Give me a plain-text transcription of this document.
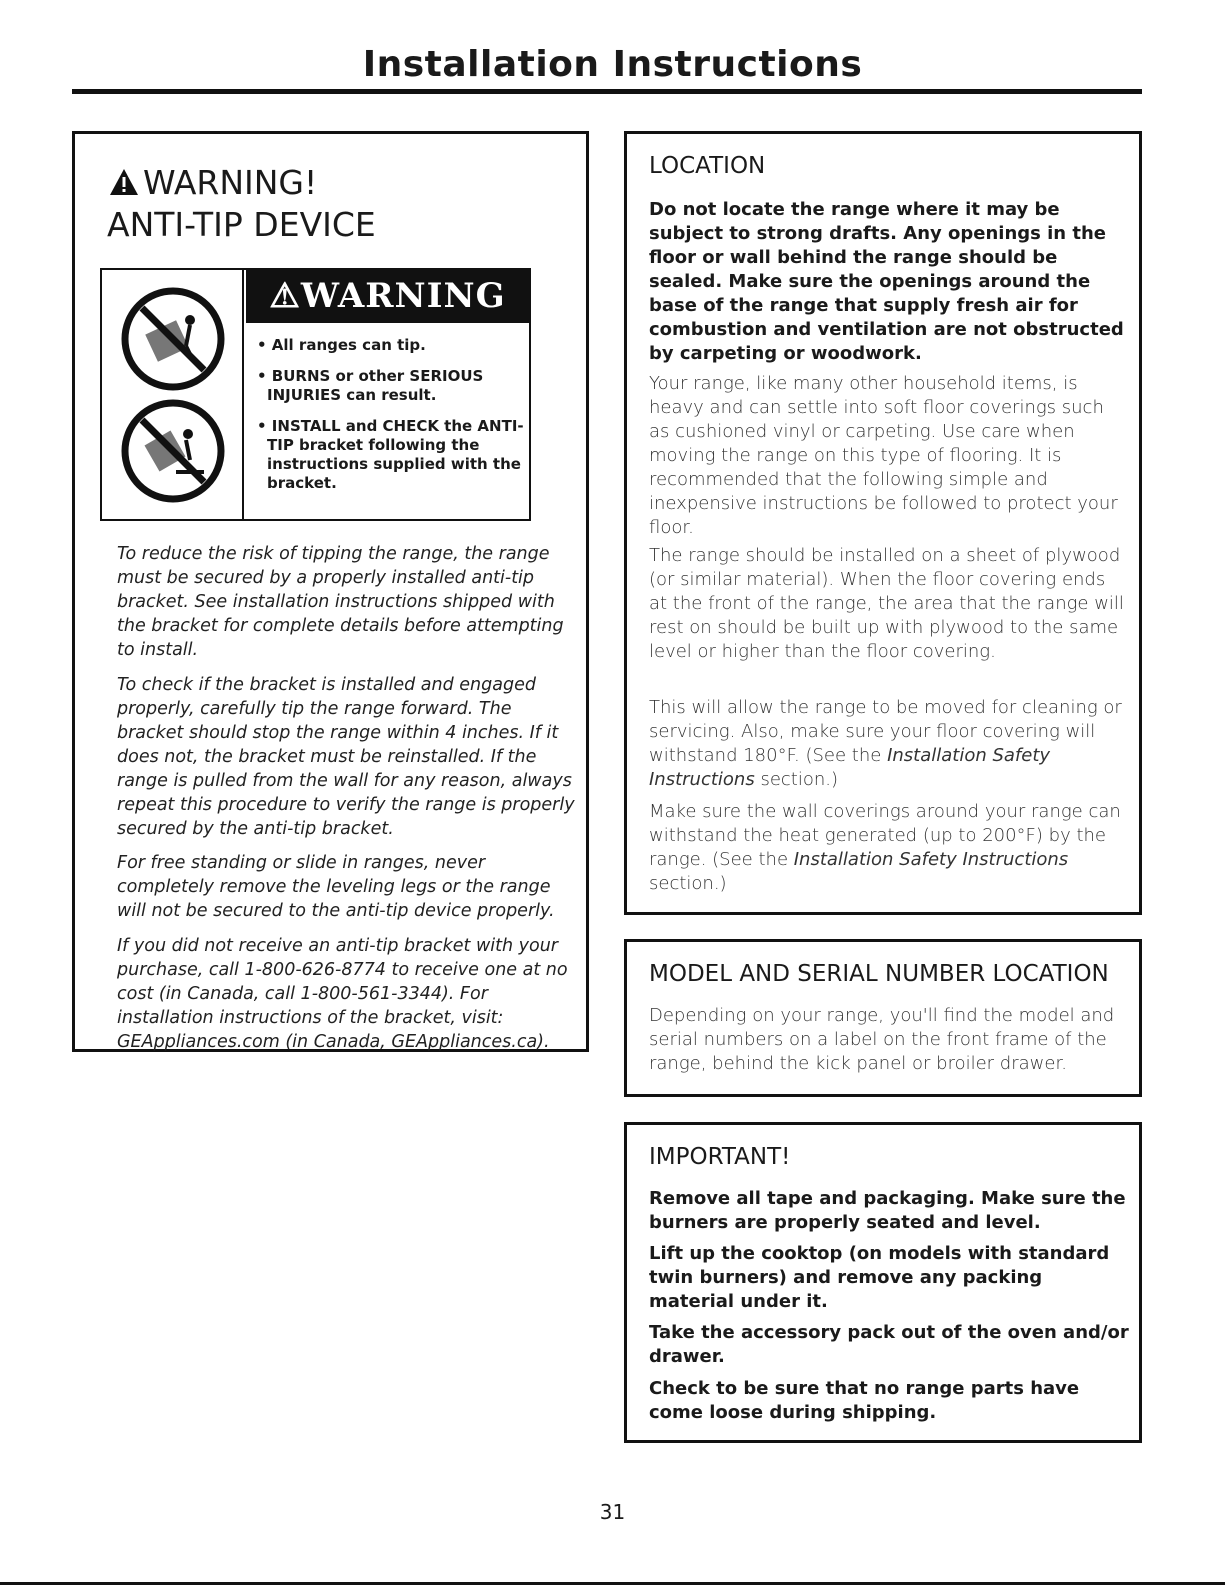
Installation Instructions
WARNING!
ANTI-TIP DEVICE
⚠WARNING
• All ranges can tip.
• BURNS or other SERIOUS INJURIES can result.
• INSTALL and CHECK the ANTI-TIP bracket following the instructions supplied with the bracket.

To reduce the risk of tipping the range, the range must be secured by a properly installed anti-tip bracket. See installation instructions shipped with the bracket for complete details before attempting to install.

To check if the bracket is installed and engaged properly, carefully tip the range forward. The bracket should stop the range within 4 inches. If it does not, the bracket must be reinstalled. If the range is pulled from the wall for any reason, always repeat this procedure to verify the range is properly secured by the anti-tip bracket.

For free standing or slide in ranges, never completely remove the leveling legs or the range will not be secured to the anti-tip device properly.

If you did not receive an anti-tip bracket with your purchase, call 1-800-626-8774 to receive one at no cost (in Canada, call 1-800-561-3344). For installation instructions of the bracket, visit: GEAppliances.com (in Canada, GEAppliances.ca).

LOCATION

Do not locate the range where it may be subject to strong drafts. Any openings in the floor or wall behind the range should be sealed. Make sure the openings around the base of the range that supply fresh air for combustion and ventilation are not obstructed by carpeting or woodwork.

Your range, like many other household items, is heavy and can settle into soft floor coverings such as cushioned vinyl or carpeting. Use care when moving the range on this type of flooring. It is recommended that the following simple and inexpensive instructions be followed to protect your floor.

The range should be installed on a sheet of plywood (or similar material). When the floor covering ends at the front of the range, the area that the range will rest on should be built up with plywood to the same level or higher than the floor covering.

This will allow the range to be moved for cleaning or servicing. Also, make sure your floor covering will withstand 180°F. (See the Installation Safety Instructions section.)

Make sure the wall coverings around your range can withstand the heat generated (up to 200°F) by the range. (See the Installation Safety Instructions section.)

MODEL AND SERIAL NUMBER LOCATION

Depending on your range, you'll find the model and serial numbers on a label on the front frame of the range, behind the kick panel or broiler drawer.

IMPORTANT!

Remove all tape and packaging. Make sure the burners are properly seated and level.

Lift up the cooktop (on models with standard twin burners) and remove any packing material under it.

Take the accessory pack out of the oven and/or drawer.

Check to be sure that no range parts have come loose during shipping.

31
